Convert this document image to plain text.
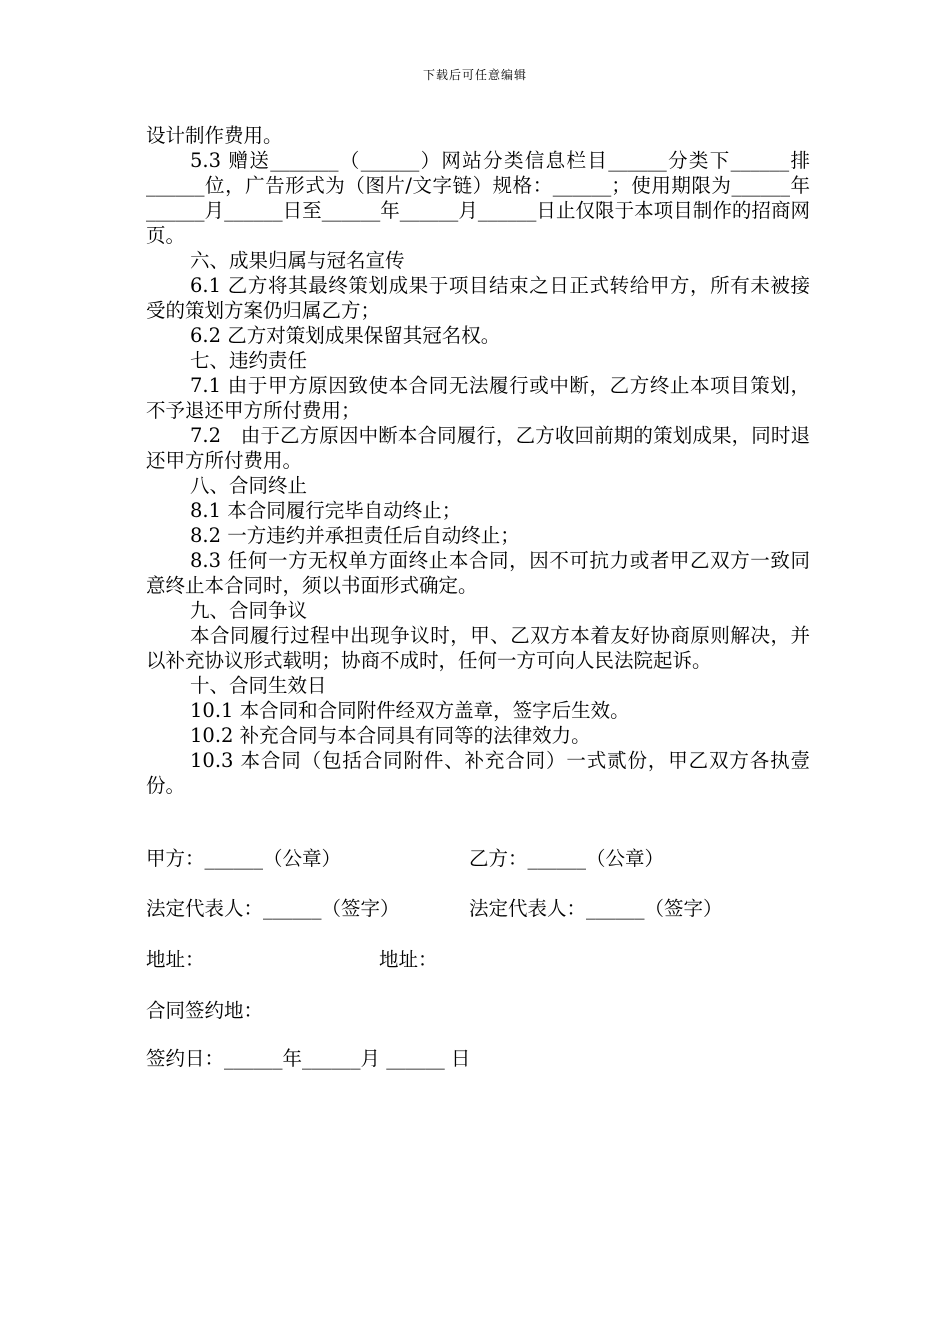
下载后可任意编辑

设计制作费用。

5.3 赠送_______（______）网站分类信息栏目______分类下______排______位，广告形式为（图片/文字链）规格：______；使用期限为______年______月______日至______年______月______日止仅限于本项目制作的招商网页。

六、成果归属与冠名宣传

6.1 乙方将其最终策划成果于项目结束之日正式转给甲方，所有未被接受的策划方案仍归属乙方；

6.2 乙方对策划成果保留其冠名权。

七、违约责任

7.1 由于甲方原因致使本合同无法履行或中断，乙方终止本项目策划，不予退还甲方所付费用；

7.2　由于乙方原因中断本合同履行，乙方收回前期的策划成果，同时退还甲方所付费用。

八、合同终止

8.1 本合同履行完毕自动终止；

8.2 一方违约并承担责任后自动终止；

8.3 任何一方无权单方面终止本合同，因不可抗力或者甲乙双方一致同意终止本合同时，须以书面形式确定。

九、合同争议

本合同履行过程中出现争议时，甲、乙双方本着友好协商原则解决，并以补充协议形式载明；协商不成时，任何一方可向人民法院起诉。

十、合同生效日

10.1 本合同和合同附件经双方盖章，签字后生效。

10.2 补充合同与本合同具有同等的法律效力。

10.3 本合同（包括合同附件、补充合同）一式贰份，甲乙双方各执壹份。

甲方：______（公章）	乙方：______（公章）
法定代表人：______（签字）	法定代表人：______（签字）
地址：	地址：
合同签约地：
签约日：______年______月 ______ 日
